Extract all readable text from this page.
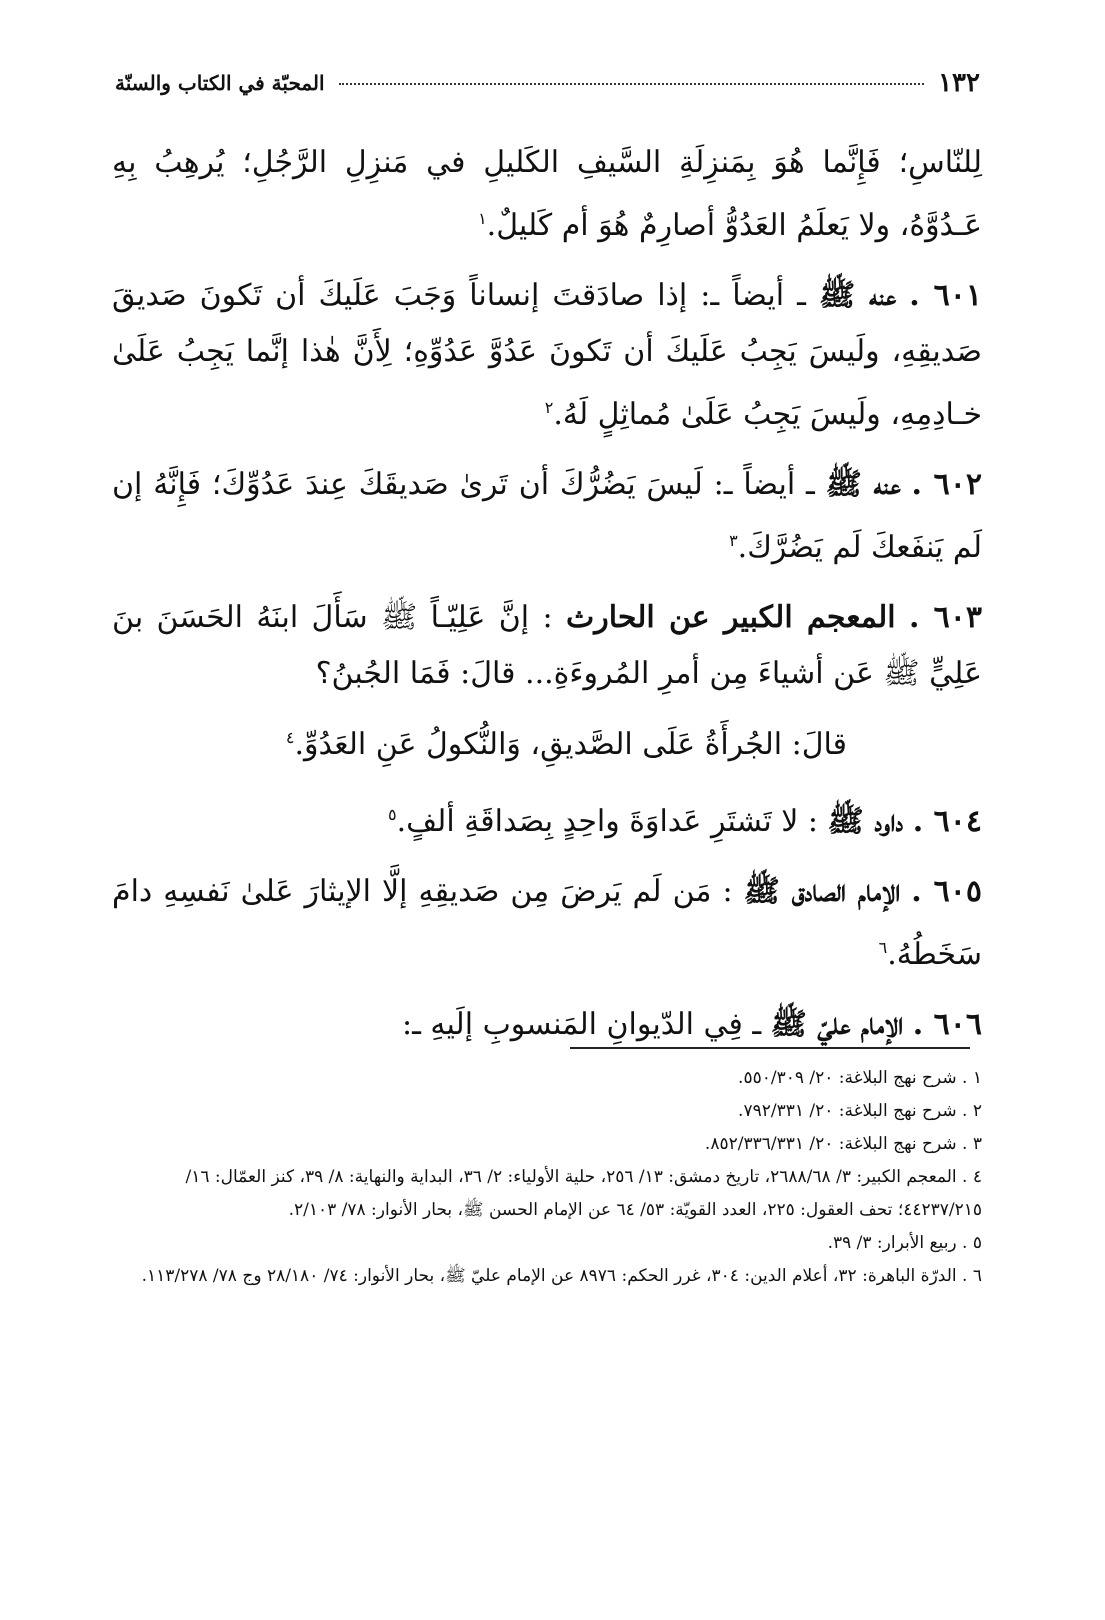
١٣٢
المحبّة في الكتاب والسنّة

لِلنّاسِ؛ فَإِنَّما هُوَ بِمَنزِلَةِ السَّيفِ الكَليلِ في مَنزِلِ الرَّجُلِ؛ يُرهِبُ بِهِ عَـدُوَّهُ، ولا يَعلَمُ العَدُوُّ أصارِمٌ هُوَ أم كَليلٌ.$^١$

٦٠١ . عنه ﷺ ـ أيضاً ـ: إذا صادَقتَ إنساناً وَجَبَ عَلَيكَ أن تَكونَ صَديقَ صَديقِهِ، ولَيسَ يَجِبُ عَلَيكَ أن تَكونَ عَدُوَّ عَدُوِّهِ؛ لِأَنَّ هٰذا إنَّما يَجِبُ عَلَىٰ خـادِمِهِ، ولَيسَ يَجِبُ عَلَىٰ مُماثِلٍ لَهُ.$^٢$

٦٠٢ . عنه ﷺ ـ أيضاً ـ: لَيسَ يَضُرُّكَ أن تَرىٰ صَديقَكَ عِندَ عَدُوِّكَ؛ فَإِنَّهُ إن لَم يَنفَعكَ لَم يَضُرَّكَ.$^٣$

٦٠٣ . المعجم الكبير عن الحارث : إنَّ عَلِيّـاً ﷺ سَأَلَ ابنَهُ الحَسَنَ بنَ عَلِيٍّ ﷺ عَن أشياءَ مِن أمرِ المُروءَةِ... قالَ: فَمَا الجُبنُ؟

قالَ: الجُرأَةُ عَلَى الصَّديقِ، وَالنُّكولُ عَنِ العَدُوِّ.$^٤$

٦٠٤ . داود ﷺ : لا تَشتَرِ عَداوَةَ واحِدٍ بِصَداقَةِ ألفٍ.$^٥$

٦٠٥ . الإمام الصادق ﷺ : مَن لَم يَرضَ مِن صَديقِهِ إلَّا الإيثارَ عَلىٰ نَفسِهِ دامَ سَخَطُهُ.$^٦$

٦٠٦ . الإمام عليّ ﷺ ـ فِي الدّيوانِ المَنسوبِ إلَيهِ ـ:

١ . شرح نهج البلاغة: ٢٠/ ٥٥٠/٣٠٩.

٢ . شرح نهج البلاغة: ٢٠/ ٧٩٢/٣٣١.

٣ . شرح نهج البلاغة: ٢٠/ ٨٥٢/٣٣٦/٣٣١.

٤ . المعجم الكبير: ٣/ ٢٦٨٨/٦٨، تاريخ دمشق: ١٣/ ٢٥٦، حلية الأولياء: ٢/ ٣٦، البداية والنهاية: ٨/ ٣٩، كنز العمّال: ١٦/ ٤٤٢٣٧/٢١٥؛ تحف العقول: ٢٢٥، العدد القويّة: ٥٣/ ٦٤ عن الإمام الحسن ﷺ، بحار الأنوار: ٧٨/ ٢/١٠٣.

٥ . ربيع الأبرار: ٣/ ٣٩.

٦ . الدرّة الباهرة: ٣٢، أعلام الدين: ٣٠٤، غرر الحكم: ٨٩٧٦ عن الإمام عليّ ﷺ، بحار الأنوار: ٧٤/ ٢٨/١٨٠ وج ٧٨/ ١١٣/٢٧٨.
